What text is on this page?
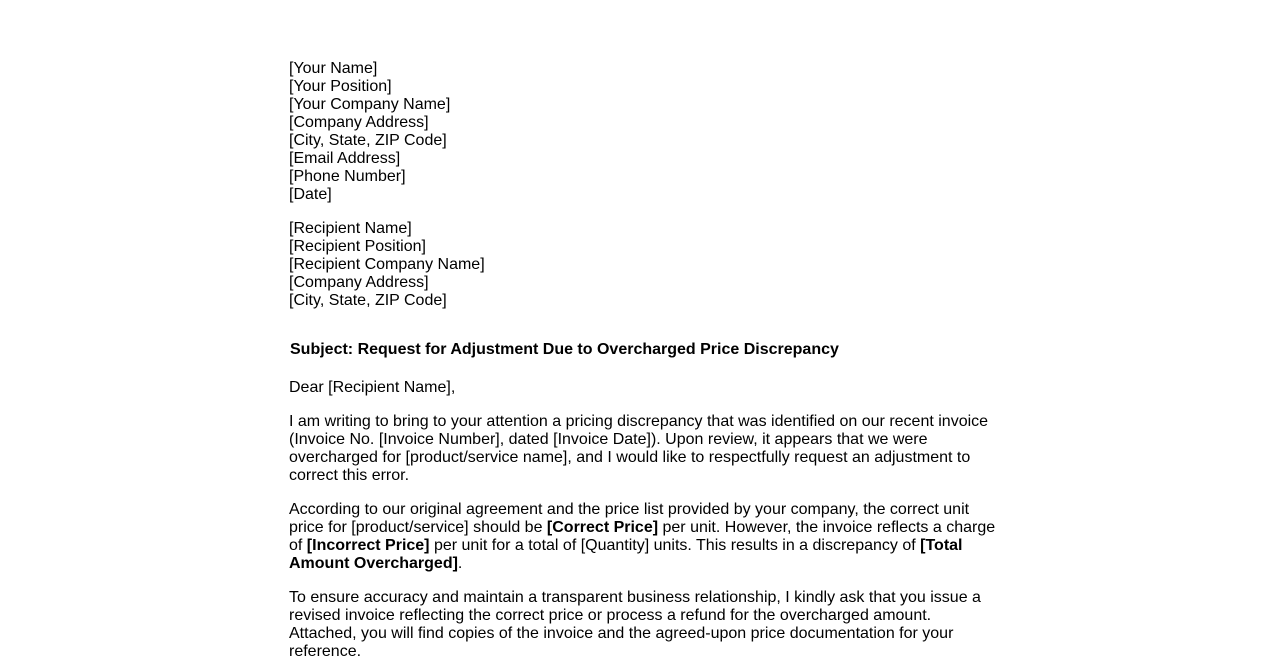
[Your Name]
[Your Position]
[Your Company Name]
[Company Address]
[City, State, ZIP Code]
[Email Address]
[Phone Number]
[Date]
[Recipient Name]
[Recipient Position]
[Recipient Company Name]
[Company Address]
[City, State, ZIP Code]
Subject: Request for Adjustment Due to Overcharged Price Discrepancy
Dear [Recipient Name],
I am writing to bring to your attention a pricing discrepancy that was identified on our recent invoice (Invoice No. [Invoice Number], dated [Invoice Date]). Upon review, it appears that we were overcharged for [product/service name], and I would like to respectfully request an adjustment to correct this error.
According to our original agreement and the price list provided by your company, the correct unit price for [product/service] should be [Correct Price] per unit. However, the invoice reflects a charge of [Incorrect Price] per unit for a total of [Quantity] units. This results in a discrepancy of [Total Amount Overcharged].
To ensure accuracy and maintain a transparent business relationship, I kindly ask that you issue a revised invoice reflecting the correct price or process a refund for the overcharged amount. Attached, you will find copies of the invoice and the agreed-upon price documentation for your reference.
